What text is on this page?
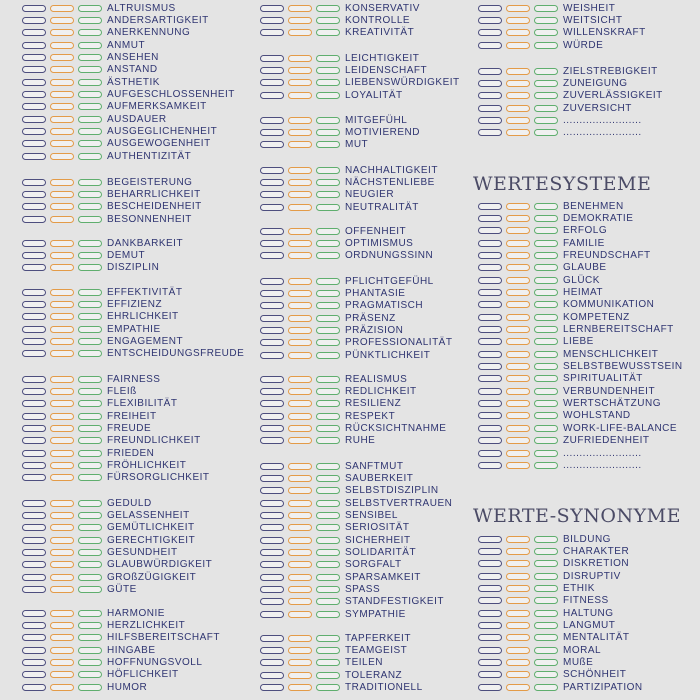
ALTRUISMUS
ANDERSARTIGKEIT
ANERKENNUNG
ANMUT
ANSEHEN
ANSTAND
ÄSTHETIK
AUFGESCHLOSSENHEIT
AUFMERKSAMKEIT
AUSDAUER
AUSGEGLICHENHEIT
AUSGEWOGENHEIT
AUTHENTIZITÄT
BEGEISTERUNG
BEHARRLICHKEIT
BESCHEIDENHEIT
BESONNENHEIT
DANKBARKEIT
DEMUT
DISZIPLIN
EFFEKTIVITÄT
EFFIZIENZ
EHRLICHKEIT
EMPATHIE
ENGAGEMENT
ENTSCHEIDUNGSFREUDE
FAIRNESS
FLEIß
FLEXIBILITÄT
FREIHEIT
FREUDE
FREUNDLICHKEIT
FRIEDEN
FRÖHLICHKEIT
FÜRSORGLICHKEIT
GEDULD
GELASSENHEIT
GEMÜTLICHKEIT
GERECHTIGKEIT
GESUNDHEIT
GLAUBWÜRDIGKEIT
GROßZÜGIGKEIT
GÜTE
HARMONIE
HERZLICHKEIT
HILFSBEREITSCHAFT
HINGABE
HOFFNUNGSVOLL
HÖFLICHKEIT
HUMOR
KONSERVATIV
KONTROLLE
KREATIVITÄT
LEICHTIGKEIT
LEIDENSCHAFT
LIEBENSWÜRDIGKEIT
LOYALITÄT
MITGEFÜHL
MOTIVIEREND
MUT
NACHHALTIGKEIT
NÄCHSTENLIEBE
NEUGIER
NEUTRALITÄT
OFFENHEIT
OPTIMISMUS
ORDNUNGSSINN
PFLICHTGEFÜHL
PHANTASIE
PRAGMATISCH
PRÄSENZ
PRÄZISION
PROFESSIONALITÄT
PÜNKTLICHKEIT
REALISMUS
REDLICHKEIT
RESILIENZ
RESPEKT
RÜCKSICHTNAHME
RUHE
SANFTMUT
SAUBERKEIT
SELBSTDISZIPLIN
SELBSTVERTRAUEN
SENSIBEL
SERIOSITÄT
SICHERHEIT
SOLIDARITÄT
SORGFALT
SPARSAMKEIT
SPASS
STANDFESTIGKEIT
SYMPATHIE
TAPFERKEIT
TEAMGEIST
TEILEN
TOLERANZ
TRADITIONELL
WEISHEIT
WEITSICHT
WILLENSKRAFT
WÜRDE
ZIELSTREBIGKEIT
ZUNEIGUNG
ZUVERLÄSSIGKEIT
ZUVERSICHT
........................
........................
BENEHMEN
DEMOKRATIE
ERFOLG
FAMILIE
FREUNDSCHAFT
GLAUBE
GLÜCK
HEIMAT
KOMMUNIKATION
KOMPETENZ
LERNBEREITSCHAFT
LIEBE
MENSCHLICHKEIT
SELBSTBEWUSSTSEIN
SPIRITUALITÄT
VERBUNDENHEIT
WERTSCHÄTZUNG
WOHLSTAND
WORK-LIFE-BALANCE
ZUFRIEDENHEIT
........................
........................
BILDUNG
CHARAKTER
DISKRETION
DISRUPTIV
ETHIK
FITNESS
HALTUNG
LANGMUT
MENTALITÄT
MORAL
MUßE
SCHÖNHEIT
PARTIZIPATION
WERTESYSTEME
WERTE-SYNONYME
